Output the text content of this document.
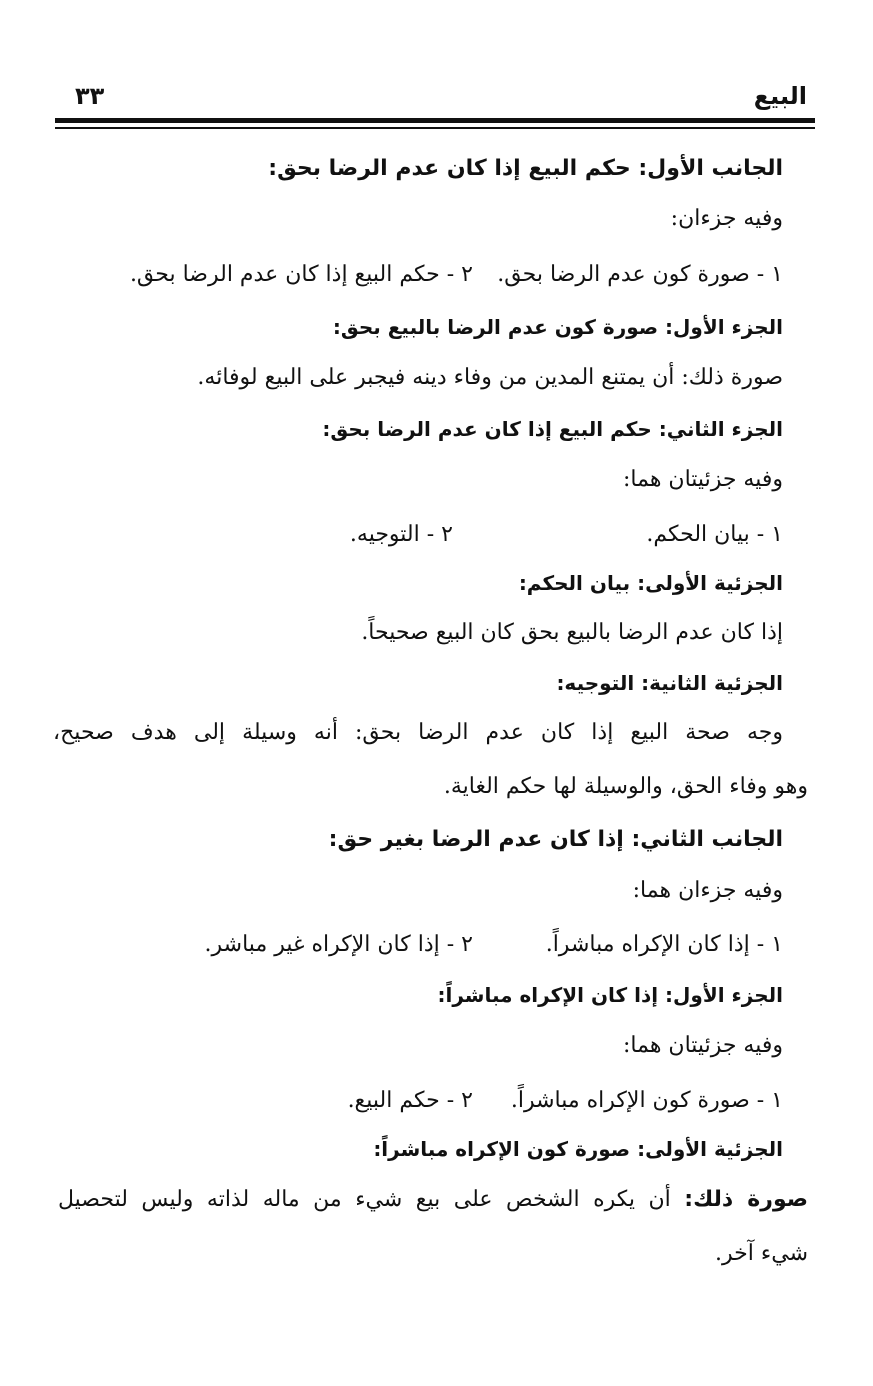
البيع
٣٣
الجانب الأول: حكم البيع إذا كان عدم الرضا بحق:
وفيه جزءان:
١ - صورة كون عدم الرضا بحق.
٢ - حكم البيع إذا كان عدم الرضا بحق.
الجزء الأول: صورة كون عدم الرضا بالبيع بحق:
صورة ذلك: أن يمتنع المدين من وفاء دينه فيجبر على البيع لوفائه.
الجزء الثاني: حكم البيع إذا كان عدم الرضا بحق:
وفيه جزئيتان هما:
١ - بيان الحكم.
٢ - التوجيه.
الجزئية الأولى: بيان الحكم:
إذا كان عدم الرضا بالبيع بحق كان البيع صحيحاً.
الجزئية الثانية: التوجيه:
وجه صحة البيع إذا كان عدم الرضا بحق: أنه وسيلة إلى هدف صحيح،
وهو وفاء الحق، والوسيلة لها حكم الغاية.
الجانب الثاني: إذا كان عدم الرضا بغير حق:
وفيه جزءان هما:
١ - إذا كان الإكراه مباشراً.
٢ - إذا كان الإكراه غير مباشر.
الجزء الأول: إذا كان الإكراه مباشراً:
وفيه جزئيتان هما:
١ - صورة كون الإكراه مباشراً.
٢ - حكم البيع.
الجزئية الأولى: صورة كون الإكراه مباشراً:
صورة ذلك: أن يكره الشخص على بيع شيء من ماله لذاته وليس لتحصيل
شيء آخر.
